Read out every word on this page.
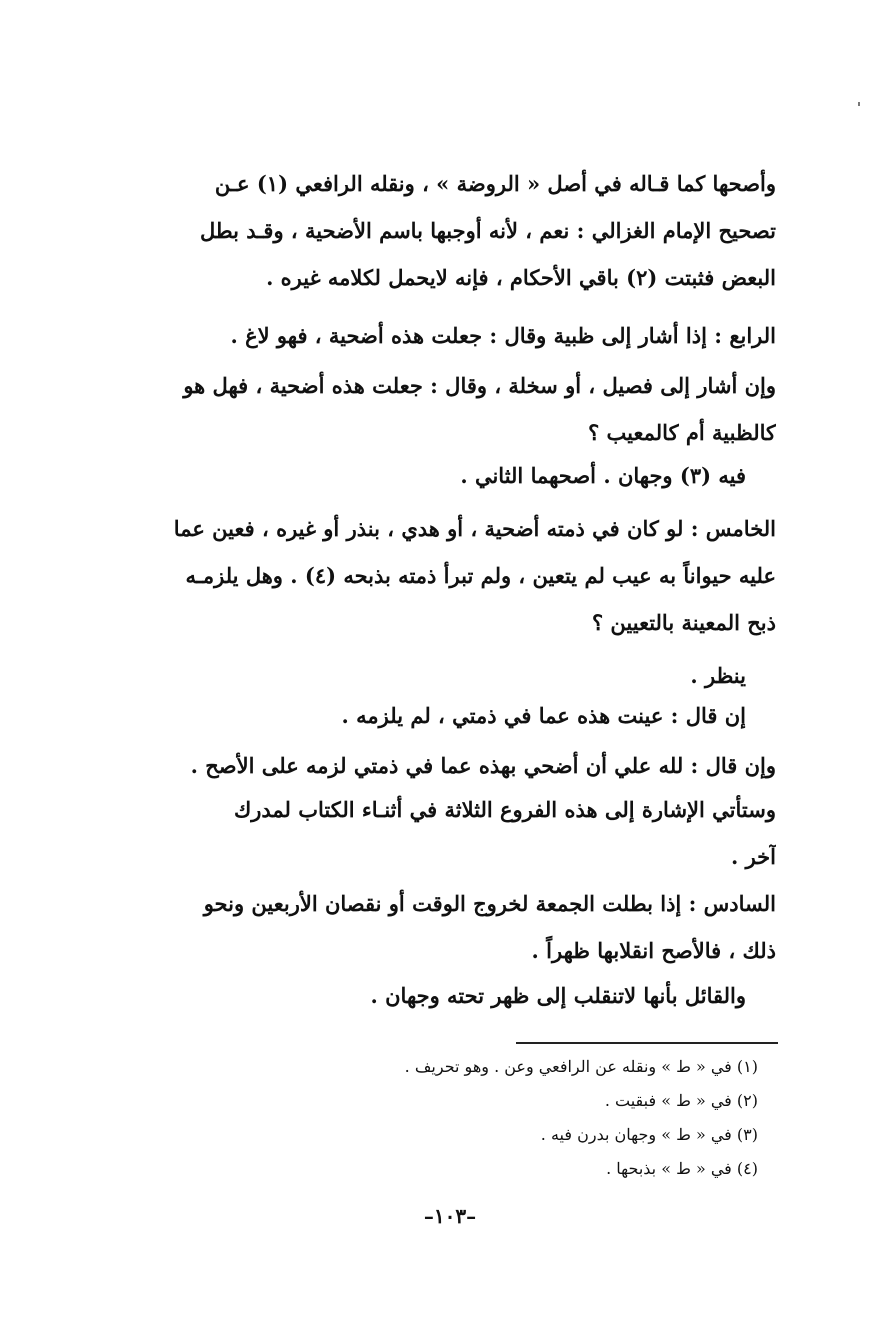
وأصحها كما قـاله في أصل « الروضة » ، ونقله الرافعي (١) عـن
تصحيح الإمام الغزالي : نعم ، لأنه أوجبها باسم الأضحية ، وقـد بطل
البعض فثبتت (٢) باقي الأحكام ، فإنه لايحمل لكلامه غيره .
الرابع : إذا أشار إلى ظبية وقال : جعلت هذه أضحية ، فهو لاغ .
وإن أشار إلى فصيل ، أو سخلة ، وقال : جعلت هذه أضحية ، فهل هو
كالظبية أم كالمعيب ؟
فيه (٣) وجهان . أصحهما الثاني .
الخامس : لو كان في ذمته أضحية ، أو هدي ، بنذر أو غيره ، فعين عما
عليه حيواناً به عيب لم يتعين ، ولم تبرأ ذمته بذبحه (٤) . وهل يلزمـه
ذبح المعينة بالتعيين ؟
ينظر .
إن قال : عينت هذه عما في ذمتي ، لم يلزمه .
وإن قال : لله علي أن أضحي بهذه عما في ذمتي لزمه على الأصح .
وستأتي الإشارة إلى هذه الفروع الثلاثة في أثنـاء الكتاب لمدرك
آخر .
السادس : إذا بطلت الجمعة لخروج الوقت أو نقصان الأربعين ونحو
ذلك ، فالأصح انقلابها ظهراً .
والقائل بأنها لاتنقلب إلى ظهر تحته وجهان .
(١) في « ط » ونقله عن الرافعي وعن . وهو تحريف .
(٢) في « ط » فبقيت .
(٣) في « ط » وجهان بدرن فيه .
(٤) في « ط » بذبحها .
–١٠٣–
